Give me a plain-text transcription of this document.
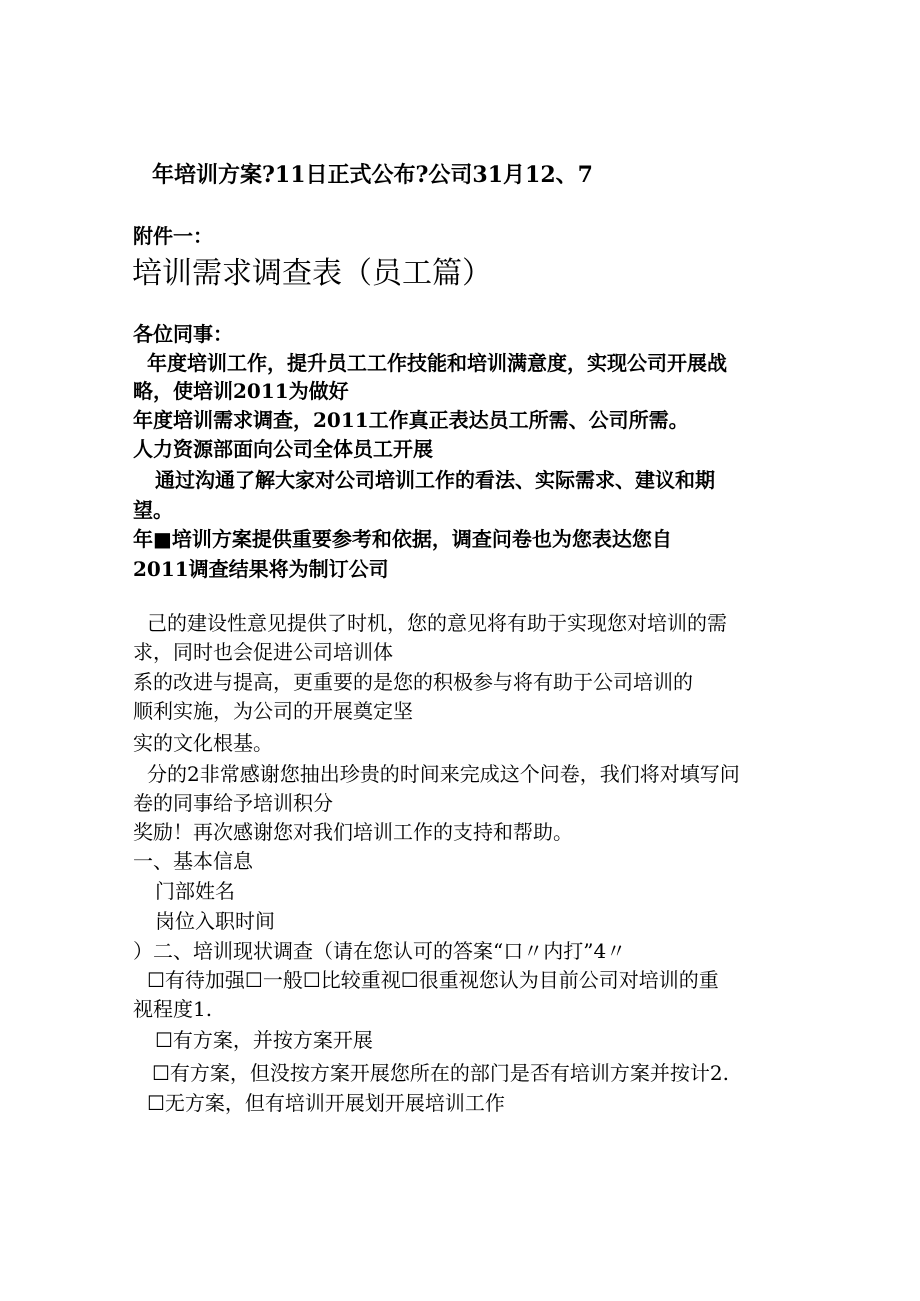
年培训方案?11日正式公布?公司31月12、7
附件一：
培训需求调查表（员工篇）
各位同事：
年度培训工作，提升员工工作技能和培训满意度，实现公司开展战
略，使培训2011为做好
年度培训需求调查，2011工作真正表达员工所需、公司所需。
人力资源部面向公司全体员工开展
通过沟通了解大家对公司培训工作的看法、实际需求、建议和期
望。
年■培训方案提供重要参考和依据，调查问卷也为您表达您自
2011调查结果将为制订公司
己的建设性意见提供了时机，您的意见将有助于实现您对培训的需
求，同时也会促进公司培训体
系的改进与提高，更重要的是您的积极参与将有助于公司培训的
顺利实施，为公司的开展奠定坚
实的文化根基。
分的2非常感谢您抽出珍贵的时间来完成这个问卷，我们将对填写问
卷的同事给予培训积分
奖励！再次感谢您对我们培训工作的支持和帮助。
一、基本信息
门部姓名
岗位入职时间
）二、培训现状调查（请在您认可的答案“口〃内打”4〃
☐有待加强☐一般☐比较重视☐很重视您认为目前公司对培训的重
视程度1.
☐有方案，并按方案开展
☐有方案，但没按方案开展您所在的部门是否有培训方案并按计2.
☐无方案，但有培训开展划开展培训工作
